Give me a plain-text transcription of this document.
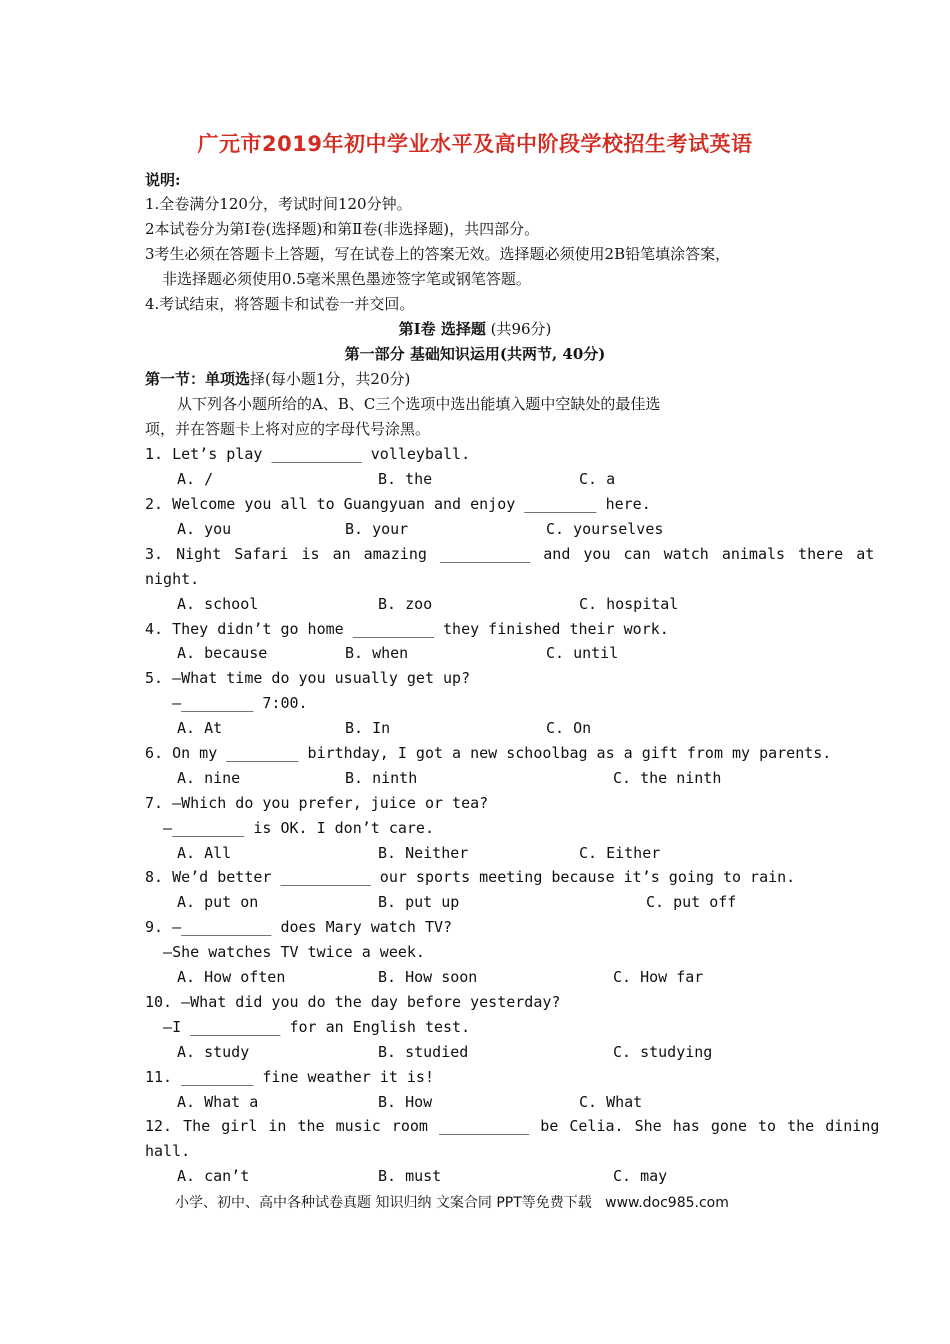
广元市2019年初中学业水平及高中阶段学校招生考试英语
说明:
1.全卷满分120分，考试时间120分钟。
2本试卷分为第Ⅰ卷(选择题)和第Ⅱ卷(非选择题)，共四部分。
3考生必须在答题卡上答题，写在试卷上的答案无效。选择题必须使用2B铅笔填涂答案，
非选择题必须使用0.5毫米黑色墨迹签字笔或钢笔答题。
4.考试结束，将答题卡和试卷一并交回。
第Ⅰ卷 选择题 (共96分)
第一部分 基础知识运用(共两节, 40分)
第一节：单项选择(每小题1分，共20分)
从下列各小题所给的A、B、C三个选项中选出能填入题中空缺处的最佳选
项，并在答题卡上将对应的字母代号涂黑。
1. Let’s play __________ volleyball.
A. /	B. the	C. a
2. Welcome you all to Guangyuan and enjoy ________ here.
A. you	B. your	C. yourselves
3. Night Safari is an amazing __________ and you can watch animals there at
night.
A. school	B. zoo	C. hospital
4. They didn’t go home _________ they finished their work.
A. because	B. when	C. until
5. —What time do you usually get up?
—________ 7:00.
A. At	B. In	C. On
6. On my ________ birthday, I got a new schoolbag as a gift from my parents.
A. nine	B. ninth	C. the ninth
7. —Which do you prefer, juice or tea?
—________ is OK. I don’t care.
A. All	B. Neither	C. Either
8. We’d better __________ our sports meeting because it’s going to rain.
A. put on	B. put up	C. put off
9. —__________ does Mary watch TV?
—She watches TV twice a week.
A. How often	B. How soon	C. How far
10. —What did you do the day before yesterday?
—I __________ for an English test.
A. study	B. studied	C. studying
11. ________ fine weather it is!
A. What a	B. How	C. What
12. The girl in the music room __________ be Celia. She has gone to the dining
hall.
A. can’t	B. must	C. may
小学、初中、高中各种试卷真题 知识归纳 文案合同 PPT等免费下载   www.doc985.com
